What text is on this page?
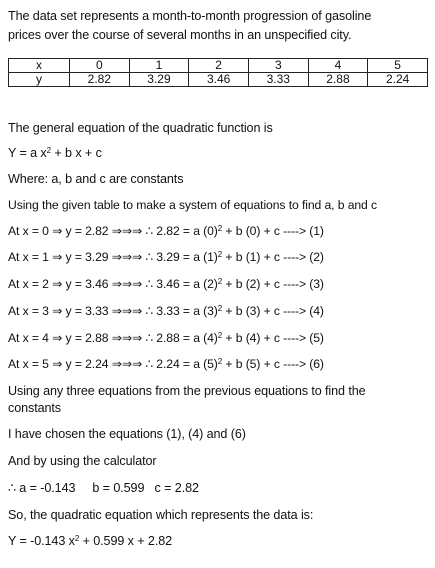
The data set represents a month-to-month progression of gasoline
prices over the course of several months in an unspecified city.
x	0	1	2	3	4	5
y	2.82	3.29	3.46	3.33	2.88	2.24
The general equation of the quadratic function is
Y = a $x^2 + b$ x + c
Where: a, b and c are constants
Using the given table to make a system of equations to find a, b and c
At x = 0 ⇒ y = 2.82 ⇒⇒⇒ ∴ 2.82 = a $(0)^2 + b$ (0) + c ----> (1)
At x = 1 ⇒ y = 3.29 ⇒⇒⇒ ∴ 3.29 = a $(1)^2 + b$ (1) + c ----> (2)
At x = 2 ⇒ y = 3.46 ⇒⇒⇒ ∴ 3.46 = a $(2)^2 + b$ (2) + c ----> (3)
At x = 3 ⇒ y = 3.33 ⇒⇒⇒ ∴ 3.33 = a $(3)^2 + b$ (3) + c ----> (4)
At x = 4 ⇒ y = 2.88 ⇒⇒⇒ ∴ 2.88 = a $(4)^2 + b$ (4) + c ----> (5)
At x = 5 ⇒ y = 2.24 ⇒⇒⇒ ∴ 2.24 = a $(5)^2 + b$ (5) + c ----> (6)
Using any three equations from the previous equations to find the
constants
I have chosen the equations (1), (4) and (6)
And by using the calculator
∴ a = -0.143     b = 0.599   c = 2.82
So, the quadratic equation which represents the data is:
Y = -0.143 $x^2 + 0.599$ x + 2.82
